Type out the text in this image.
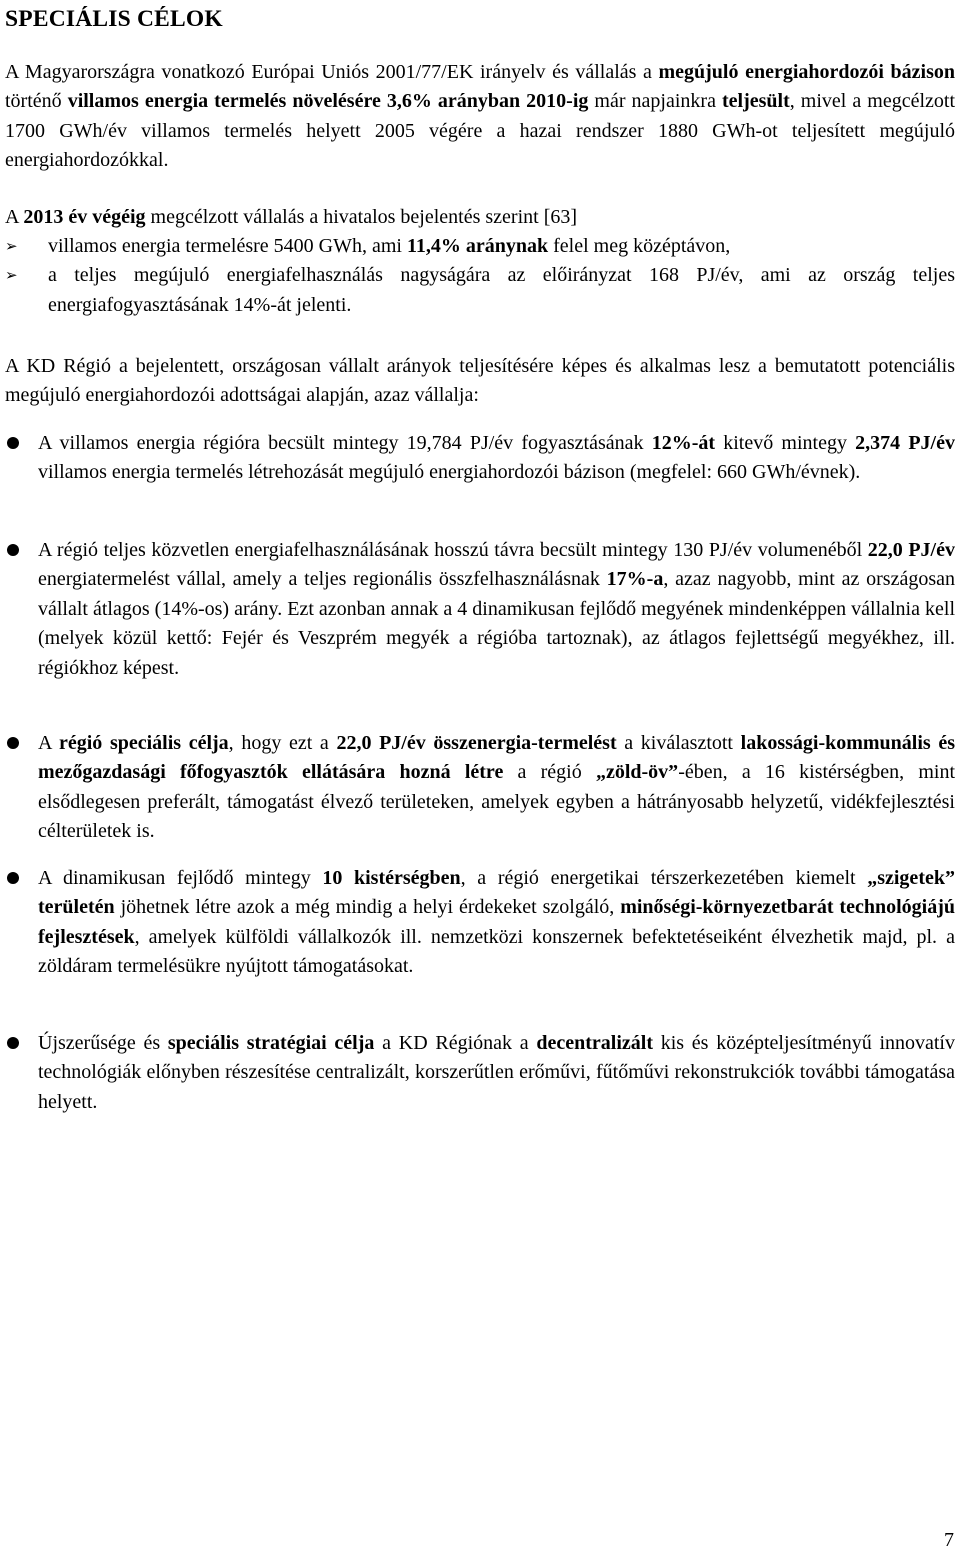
SPECIÁLIS CÉLOK

A Magyarországra vonatkozó Európai Uniós 2001/77/EK irányelv és vállalás a megújuló energiahordozói bázison történő villamos energia termelés növelésére 3,6% arányban 2010-ig már napjainkra teljesült, mivel a megcélzott 1700 GWh/év villamos termelés helyett 2005 végére a hazai rendszer 1880 GWh-ot teljesített megújuló energiahordozókkal.

A 2013 év végéig megcélzott vállalás a hivatalos bejelentés szerint [63]

➢ villamos energia termelésre 5400 GWh, ami 11,4% aránynak felel meg középtávon,
➢ a teljes megújuló energiafelhasználás nagyságára az előirányzat 168 PJ/év, ami az ország teljes energiafogyasztásának 14%-át jelenti.

A KD Régió a bejelentett, országosan vállalt arányok teljesítésére képes és alkalmas lesz a bemutatott potenciális megújuló energiahordozói adottságai alapján, azaz vállalja:

A villamos energia régióra becsült mintegy 19,784 PJ/év fogyasztásának 12%-át kitevő mintegy 2,374 PJ/év villamos energia termelés létrehozását megújuló energiahordozói bázison (megfelel: 660 GWh/évnek).
A régió teljes közvetlen energiafelhasználásának hosszú távra becsült mintegy 130 PJ/év volumenéből 22,0 PJ/év energiatermelést vállal, amely a teljes regionális összfelhasználásnak 17%-a, azaz nagyobb, mint az országosan vállalt átlagos (14%-os) arány. Ezt azonban annak a 4 dinamikusan fejlődő megyének mindenképpen vállalnia kell (melyek közül kettő: Fejér és Veszprém megyék a régióba tartoznak), az átlagos fejlettségű megyékhez, ill. régiókhoz képest.
A régió speciális célja, hogy ezt a 22,0 PJ/év összenergia-termelést a kiválasztott lakossági-kommunális és mezőgazdasági főfogyasztók ellátására hozná létre a régió „zöld-öv”-ében, a 16 kistérségben, mint elsődlegesen preferált, támogatást élvező területeken, amelyek egyben a hátrányosabb helyzetű, vidékfejlesztési célterületek is.
A dinamikusan fejlődő mintegy 10 kistérségben, a régió energetikai térszerkezetében kiemelt „szigetek” területén jöhetnek létre azok a még mindig a helyi érdekeket szolgáló, minőségi-környezetbarát technológiájú fejlesztések, amelyek külföldi vállalkozók ill. nemzetközi konszernek befektetéseiként élvezhetik majd, pl. a zöldáram termelésükre nyújtott támogatásokat.
Újszerűsége és speciális stratégiai célja a KD Régiónak a decentralizált kis és középteljesítményű innovatív technológiák előnyben részesítése centralizált, korszerűtlen erőművi, fűtőművi rekonstrukciók további támogatása helyett.
7
